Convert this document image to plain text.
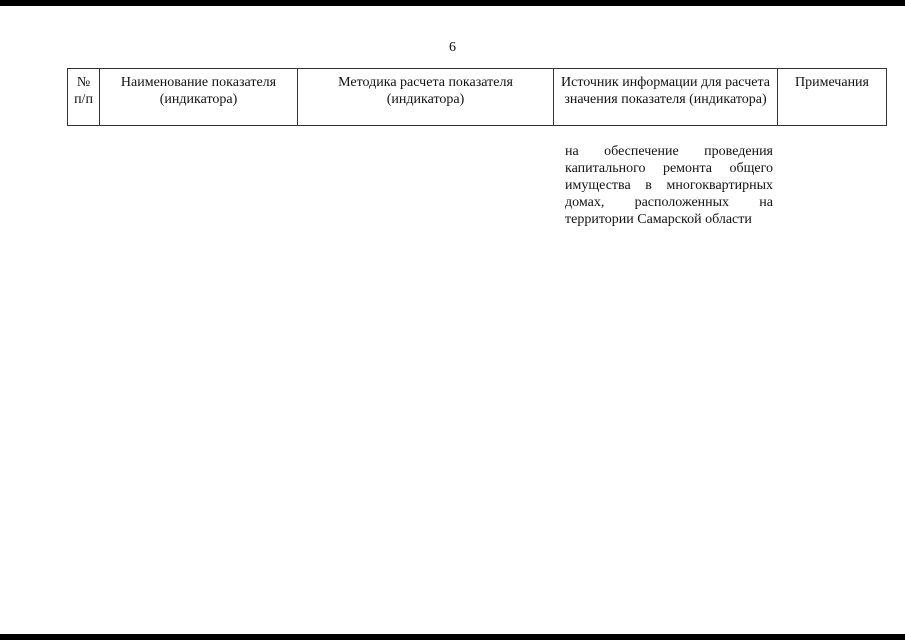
6
№ п/п	Наименование показателя (индикатора)	Методика расчета показателя (индикатора)	Источник информации для расчета значения показателя (индикатора)	Примечания
на обеспечение проведения
капитального ремонта общего
имущества в многоквартирных
домах, расположенных на
территории Самарской области
